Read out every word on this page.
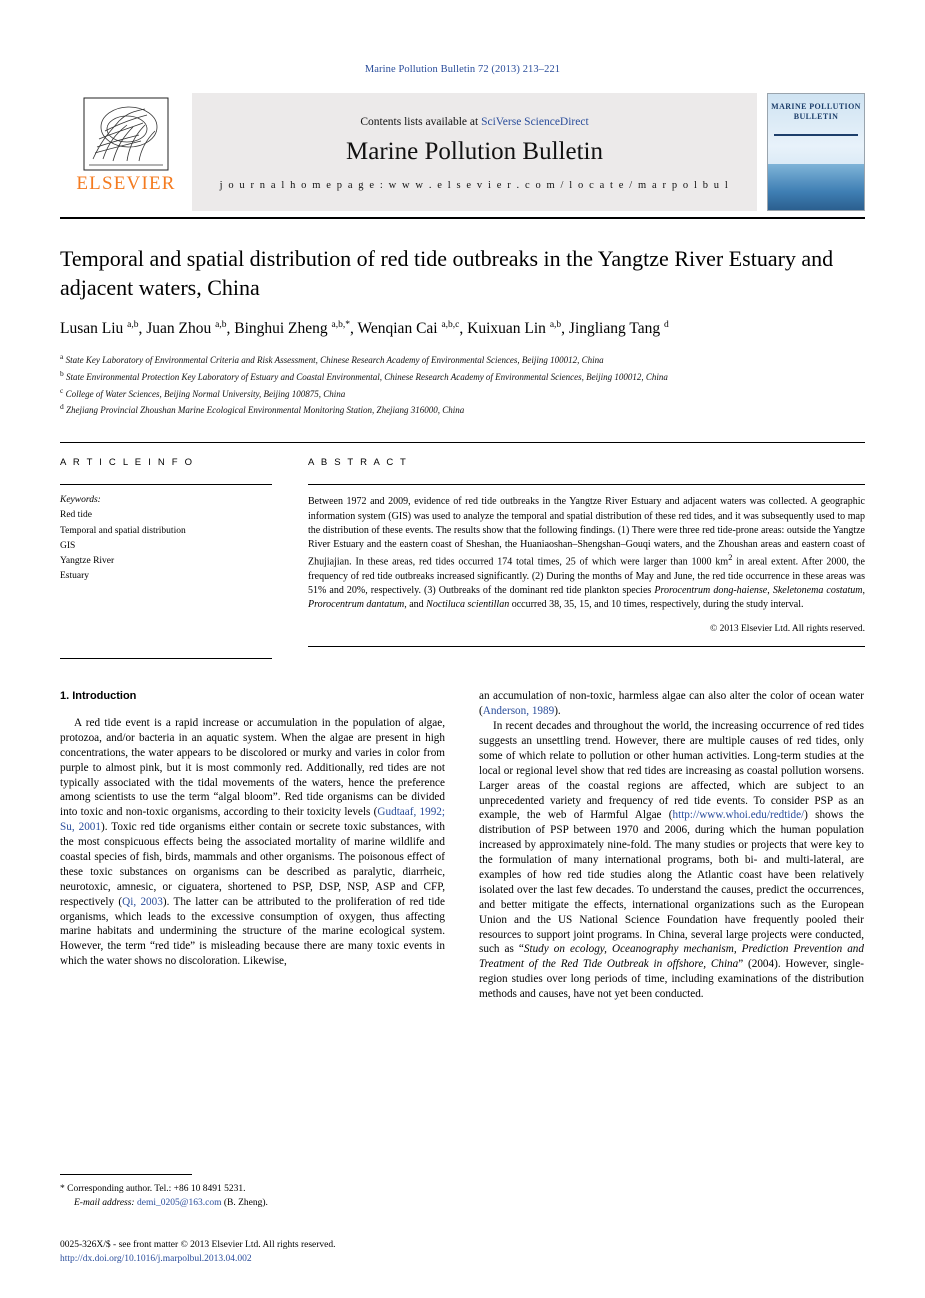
Marine Pollution Bulletin 72 (2013) 213–221
ELSEVIER
Contents lists available at SciVerse ScienceDirect
Marine Pollution Bulletin
j o u r n a l h o m e p a g e : w w w . e l s e v i e r . c o m / l o c a t e / m a r p o l b u l
MARINE POLLUTION BULLETIN
Temporal and spatial distribution of red tide outbreaks in the Yangtze River Estuary and adjacent waters, China
Lusan Liu $^{a,b}$, Juan Zhou $^{a,b}$, Binghui Zheng $^{a,b,*}$, Wenqian Cai $^{a,b,c}$, Kuixuan Lin $^{a,b}$, Jingliang Tang $^d$
$^a$ State Key Laboratory of Environmental Criteria and Risk Assessment, Chinese Research Academy of Environmental Sciences, Beijing 100012, China
$^b$ State Environmental Protection Key Laboratory of Estuary and Coastal Environmental, Chinese Research Academy of Environmental Sciences, Beijing 100012, China
$^c$ College of Water Sciences, Beijing Normal University, Beijing 100875, China
$^d$ Zhejiang Provincial Zhoushan Marine Ecological Environmental Monitoring Station, Zhejiang 316000, China
A R T I C L E I N F O
Keywords:
Red tide
Temporal and spatial distribution
GIS
Yangtze River
Estuary
A B S T R A C T
Between 1972 and 2009, evidence of red tide outbreaks in the Yangtze River Estuary and adjacent waters was collected. A geographic information system (GIS) was used to analyze the temporal and spatial distribution of these red tides, and it was subsequently used to map the distribution of these events. The results show that the following findings. (1) There were three red tide-prone areas: outside the Yangtze River Estuary and the eastern coast of Sheshan, the Huaniaoshan–Shengshan–Gouqi waters, and the Zhoushan areas and eastern coast of Zhujiajian. In these areas, red tides occurred 174 total times, 25 of which were larger than 1000 $km^2$ in areal extent. After 2000, the frequency of red tide outbreaks increased significantly. (2) During the months of May and June, the red tide occurrence in these areas was 51% and 20%, respectively. (3) Outbreaks of the dominant red tide plankton species Prorocentrum dong-haiense, Skeletonema costatum, Prorocentrum dantatum, and Noctiluca scientillan occurred 38, 35, 15, and 10 times, respectively, during the study interval.
© 2013 Elsevier Ltd. All rights reserved.
1. Introduction

A red tide event is a rapid increase or accumulation in the population of algae, protozoa, and/or bacteria in an aquatic system. When the algae are present in high concentrations, the water appears to be discolored or murky and varies in color from purple to almost pink, but it is most commonly red. Additionally, red tides are not typically associated with the tidal movements of the waters, hence the preference among scientists to use the term “algal bloom”. Red tide organisms can be divided into toxic and non-toxic organisms, according to their toxicity levels (Gudtaaf, 1992; Su, 2001). Toxic red tide organisms either contain or secrete toxic substances, with the most conspicuous effects being the associated mortality of marine wildlife and coastal species of fish, birds, mammals and other organisms. The poisonous effect of these toxic substances on organisms can be described as paralytic, diarrheic, neurotoxic, amnesic, or ciguatera, shortened to PSP, DSP, NSP, ASP and CFP, respectively (Qi, 2003). The latter can be attributed to the proliferation of red tide organisms, which leads to the excessive consumption of oxygen, thus affecting marine habitats and undermining the structure of the marine ecological system. However, the term “red tide” is misleading because there are many toxic events in which the water shows no discoloration. Likewise,

an accumulation of non-toxic, harmless algae can also alter the color of ocean water (Anderson, 1989).

In recent decades and throughout the world, the increasing occurrence of red tides suggests an unsettling trend. However, there are multiple causes of red tides, only some of which relate to pollution or other human activities. Long-term studies at the local or regional level show that red tides are increasing as coastal pollution worsens. Larger areas of the coastal regions are affected, which are subject to an unprecedented variety and frequency of red tide events. To consider PSP as an example, the web of Harmful Algae (http://www.whoi.edu/redtide/) shows the distribution of PSP between 1970 and 2006, during which the human population increased by approximately nine-fold. The many studies or projects that were key to the formulation of many international programs, both bi- and multi-lateral, are examples of how red tide studies along the Atlantic coast have been relatively isolated over the last few decades. To understand the causes, predict the occurrences, and better mitigate the effects, international organizations such as the European Union and the US National Science Foundation have frequently pooled their resources to support joint programs. In China, several large projects were conducted, such as “Study on ecology, Oceanography mechanism, Prediction Prevention and Treatment of the Red Tide Outbreak in offshore, China” (2004). However, single-region studies over long periods of time, including examinations of the distribution methods and causes, have not yet been conducted.

* Corresponding author. Tel.: +86 10 8491 5231.
E-mail address: demi_0205@163.com (B. Zheng).
0025-326X/$ - see front matter © 2013 Elsevier Ltd. All rights reserved.
http://dx.doi.org/10.1016/j.marpolbul.2013.04.002
